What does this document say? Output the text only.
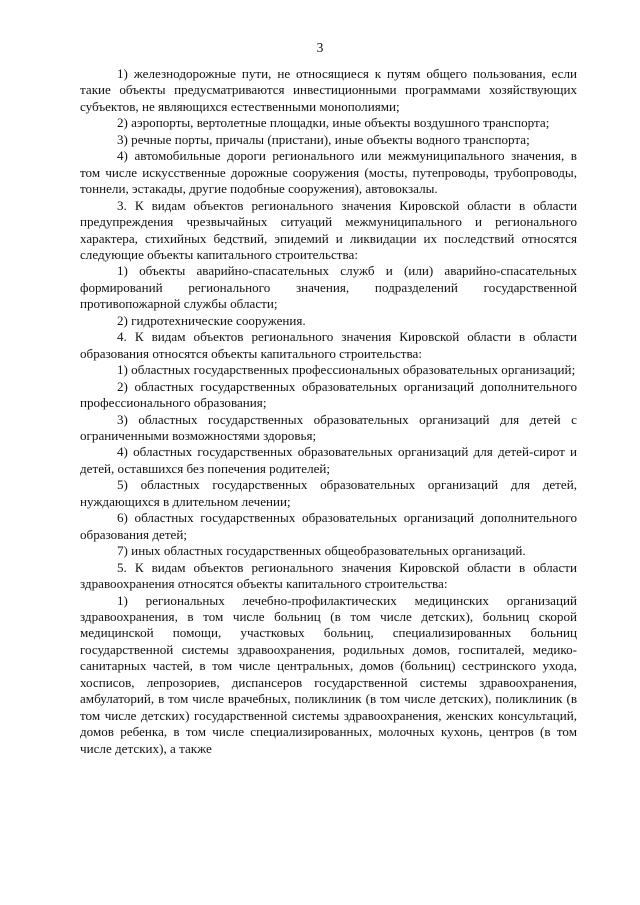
3

1) железнодорожные пути, не относящиеся к путям общего пользования, если такие объекты предусматриваются инвестиционными программами хозяйствующих субъектов, не являющихся естественными монополиями;

2) аэропорты, вертолетные площадки, иные объекты воздушного транспорта;

3) речные порты, причалы (пристани), иные объекты водного транспорта;

4) автомобильные дороги регионального или межмуниципального значения, в том числе искусственные дорожные сооружения (мосты, путепроводы, трубопроводы, тоннели, эстакады, другие подобные сооружения), автовокзалы.

3. К видам объектов регионального значения Кировской области в области предупреждения чрезвычайных ситуаций межмуниципального и регионального характера, стихийных бедствий, эпидемий и ликвидации их последствий относятся следующие объекты капитального строительства:

1) объекты аварийно-спасательных служб и (или) аварийно-спасательных формирований регионального значения, подразделений государственной противопожарной службы области;

2) гидротехнические сооружения.

4. К видам объектов регионального значения Кировской области в области образования относятся объекты капитального строительства:

1) областных государственных профессиональных образовательных организаций;

2) областных государственных образовательных организаций дополнительного профессионального образования;

3) областных государственных образовательных организаций для детей с ограниченными возможностями здоровья;

4) областных государственных образовательных организаций для детей-сирот и детей, оставшихся без попечения родителей;

5) областных государственных образовательных организаций для детей, нуждающихся в длительном лечении;

6) областных государственных образовательных организаций дополнительного образования детей;

7) иных областных государственных общеобразовательных организаций.

5. К видам объектов регионального значения Кировской области в области здравоохранения относятся объекты капитального строительства:

1) региональных лечебно-профилактических медицинских организаций здравоохранения, в том числе больниц (в том числе детских), больниц скорой медицинской помощи, участковых больниц, специализированных больниц государственной системы здравоохранения, родильных домов, госпиталей, медико-санитарных частей, в том числе центральных, домов (больниц) сестринского ухода, хосписов, лепрозориев, диспансеров государственной системы здравоохранения, амбулаторий, в том числе врачебных, поликлиник (в том числе детских), поликлиник (в том числе детских) государственной системы здравоохранения, женских консультаций, домов ребенка, в том числе специализированных, молочных кухонь, центров (в том числе детских), а также
